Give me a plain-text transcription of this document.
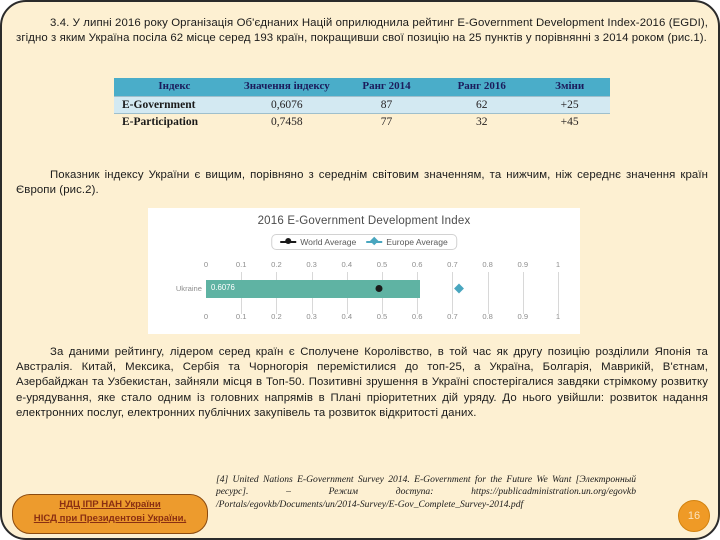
3.4. У липні 2016 року Організація Об'єднаних Націй оприлюднила рейтинг E-Government Development Index-2016 (EGDI), згідно з яким Україна посіла 62 місце серед 193 країн, покращивши свої позицію на 25 пунктів у порівнянні з 2014 роком (рис.1).
Індекс	Значення індексу	Ранг 2014	Ранг 2016	Зміни

E-Government	0,6076	87	62	+25
E-Participation	0,7458	77	32	+45
Показник індексу України є вищим, порівняно з середнім світовим значенням, та нижчим, ніж середнє значення країн Європи (рис.2).
2016 E-Government Development Index
World Average	Europe Average
0	0.1	0.2	0.3	0.4	0.5	0.6	0.7	0.8	0.9	1
0	0.1	0.2	0.3	0.4	0.5	0.6	0.7	0.8	0.9	1
Ukraine 0.6076
За даними рейтингу, лідером серед країн є Сполучене Королівство, в той час як другу позицію розділили Японія та Австралія. Китай, Мексика, Сербія та Чорногорія перемістилися до топ-25, а Україна, Болгарія, Маврикій, В'єтнам, Азербайджан та Узбекистан, зайняли місця в Топ-50. Позитивні зрушення в Україні спостерігалися завдяки стрімкому розвитку е-урядування, яке стало одним із головних напрямів в Плані пріоритетних дій уряду. До нього увійшли: розвиток надання електронних послуг, електронних публічних закупівель та розвиток відкритості даних.
[4] United Nations E-Government Survey 2014. E-Government for the Future We Want [Электронный ресурс]. – Режим доступа: https://publicadministration.un.org/egovkb /Portals/egovkb/Documents/un/2014-Survey/E-Gov_Complete_Survey-2014.pdf
НДЦ ІПР НАН України
НІСД при Президентові України,	16
